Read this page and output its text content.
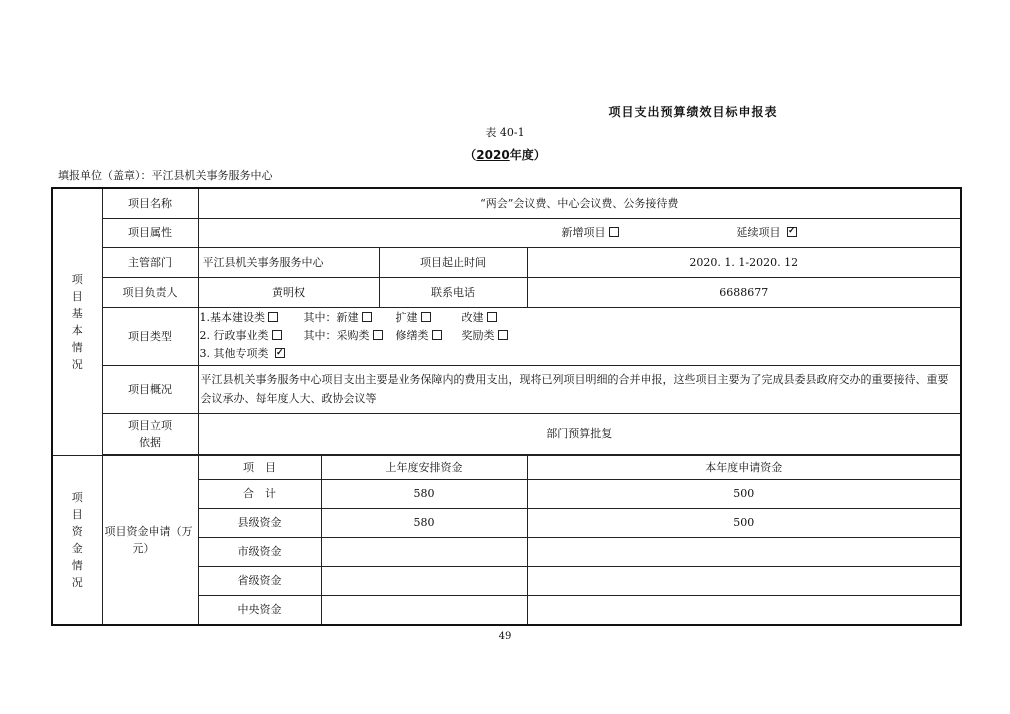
项目支出预算绩效目标申报表
表 40-1
（2020年度）
填报单位（盖章）：平江县机关事务服务中心
项目基本情况	项目名称	“两会”会议费、中心会议费、公务接待费			
	项目属性	新增项目 延续项目 ✓

	主管部门	平江县机关事务服务中心		项目起止时间	2020. 1. 1-2020. 12
	项目负责人	黄明权		联系电话	6688677
	项目类型	1.基本建设类 其中：新建 扩建 改建
2. 行政事业类 其中：采购类 修缮类 奖励类
3. 其他专项类 ✓

	项目概况	平江县机关事务服务中心项目支出主要是业务保障内的费用支出，现将已列项目明细的合并申报，这些项目主要为了完成县委县政府交办的重要接待、重要会议承办、每年度人大、政协会议等			
	项目立项
依据	部门预算批复			

项目资金情况	项目资金申请（万
元）	项　目	上年度安排资金		本年度申请资金
		合　计	580		500
		县级资金	580		500
		市级资金			
		省级资金			
		中央资金			
49
